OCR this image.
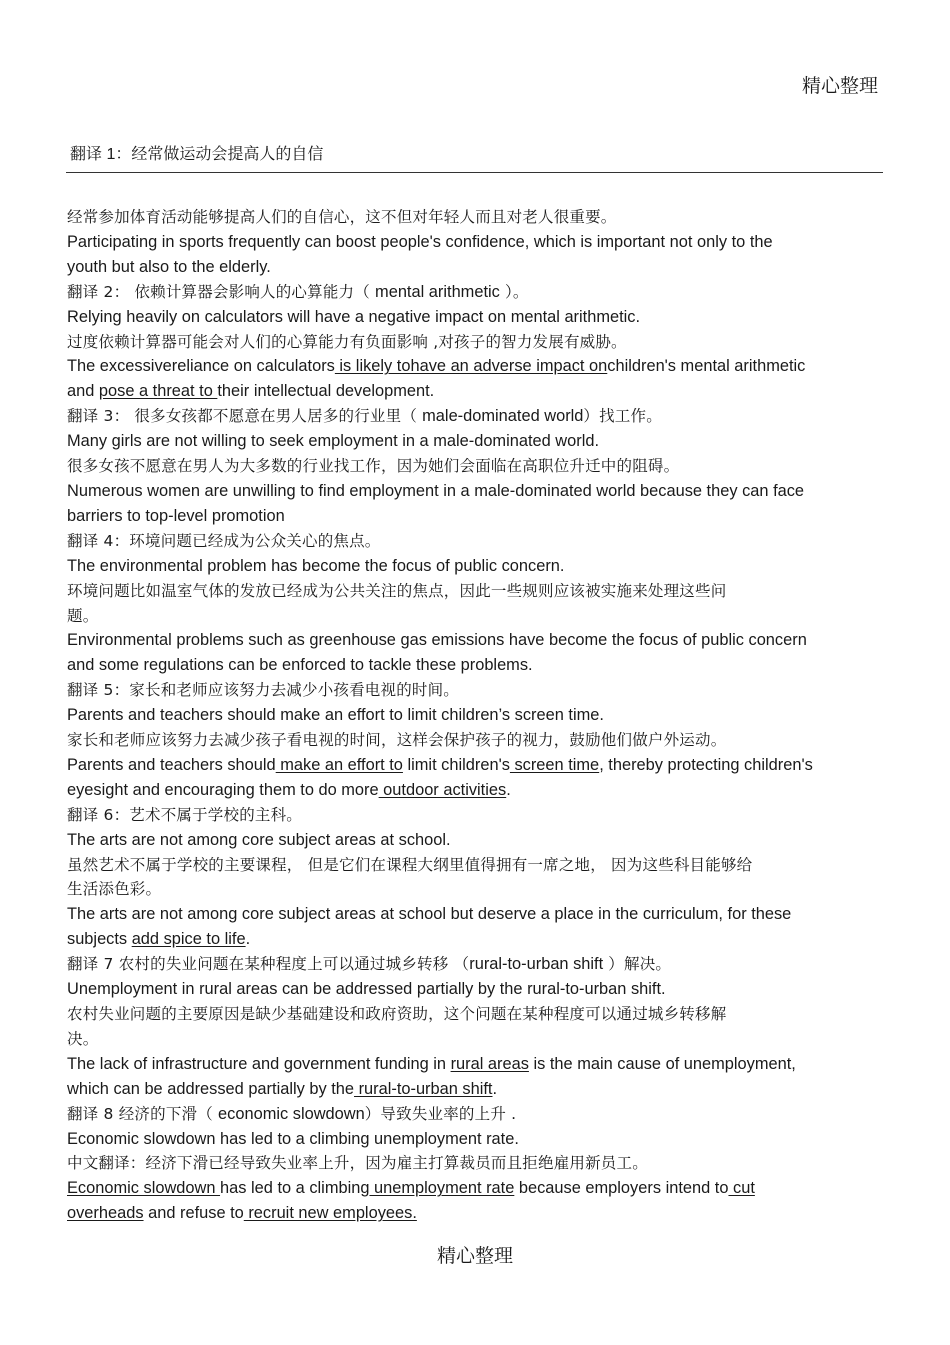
精心整理
翻译 1：经常做运动会提高人的自信
经常参加体育活动能够提高人们的自信心，这不但对年轻人而且对老人很重要。
Participating in sports frequently can boost people's confidence, which is important not only to the
youth but also to the elderly.
翻译 2： 依赖计算器会影响人的心算能力（ mental arithmetic ）。
Relying heavily on calculators will have a negative impact on mental arithmetic.
过度依赖计算器可能会对人们的心算能力有负面影响 ,对孩子的智力发展有威胁。
The excessivereliance on calculators is likely tohave an adverse impact onchildren's mental arithmetic
and pose a threat to their intellectual development.
翻译 3： 很多女孩都不愿意在男人居多的行业里（ male-dominated world）找工作。
Many girls are not willing to seek employment in a male-dominated world.
很多女孩不愿意在男人为大多数的行业找工作，因为她们会面临在高职位升迁中的阻碍。
Numerous women are unwilling to find employment in a male-dominated world because they can face
barriers to top-level promotion
翻译 4：环境问题已经成为公众关心的焦点。
The environmental problem has become the focus of public concern.
环境问题比如温室气体的发放已经成为公共关注的焦点，因此一些规则应该被实施来处理这些问
题。
Environmental problems such as greenhouse gas emissions have become the focus of public concern
and some regulations can be enforced to tackle these problems.
翻译 5：家长和老师应该努力去减少小孩看电视的时间。
Parents and teachers should make an effort to limit children’s screen time.
家长和老师应该努力去减少孩子看电视的时间，这样会保护孩子的视力，鼓励他们做户外运动。
Parents and teachers should make an effort to limit children's screen time, thereby protecting children's
eyesight and encouraging them to do more outdoor activities.
翻译 6：艺术不属于学校的主科。
The arts are not among core subject areas at school.
虽然艺术不属于学校的主要课程， 但是它们在课程大纲里值得拥有一席之地， 因为这些科目能够给
生活添色彩。
The arts are not among core subject areas at school but deserve a place in the curriculum, for these
subjects add spice to life.
翻译 7 农村的失业问题在某种程度上可以通过城乡转移 （rural-to-urban shift ）解决。
Unemployment in rural areas can be addressed partially by the rural-to-urban shift.
农村失业问题的主要原因是缺少基础建设和政府资助，这个问题在某种程度可以通过城乡转移解
决。
The lack of infrastructure and government funding in rural areas is the main cause of unemployment,
which can be addressed partially by the rural-to-urban shift.
翻译 8 经济的下滑（ economic slowdown）导致失业率的上升 .
Economic slowdown has led to a climbing unemployment rate.
中文翻译：经济下滑已经导致失业率上升，因为雇主打算裁员而且拒绝雇用新员工。
Economic slowdown has led to a climbing unemployment rate because employers intend to cut
overheads and refuse to recruit new employees.
精心整理
